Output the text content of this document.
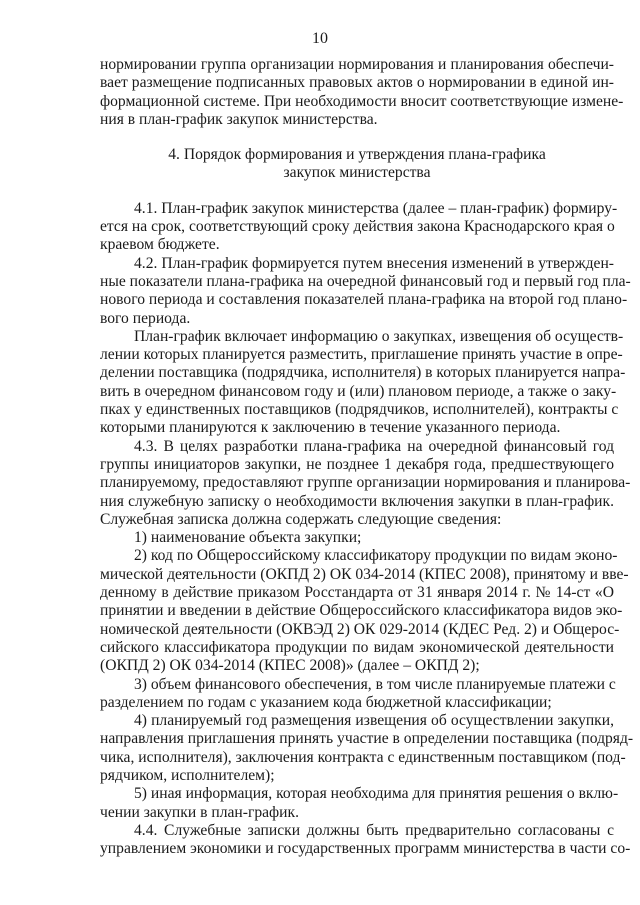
10
нормировании группа организации нормирования и планирования обеспечи-
вает размещение подписанных правовых актов о нормировании в единой ин-
формационной системе. При необходимости вносит соответствующие измене-
ния в план-график закупок министерства.
4. Порядок формирования и утверждения плана-графика
закупок министерства
4.1. План-график закупок министерства (далее – план-график) формиру-
ется на срок, соответствующий сроку действия закона Краснодарского края о
краевом бюджете.
4.2. План-график формируется путем внесения изменений в утвержден-
ные показатели плана-графика на очередной финансовый год и первый год пла-
нового периода и составления показателей плана-графика на второй год плано-
вого периода.
План-график включает информацию о закупках, извещения об осуществ-
лении которых планируется разместить, приглашение принять участие в опре-
делении поставщика (подрядчика, исполнителя) в которых планируется напра-
вить в очередном финансовом году и (или) плановом периоде, а также о заку-
пках у единственных поставщиков (подрядчиков, исполнителей), контракты с
которыми планируются к заключению в течение указанного периода.
4.3. В целях разработки плана-графика на очередной финансовый год
группы инициаторов закупки, не позднее 1 декабря года, предшествующего
планируемому, предоставляют группе организации нормирования и планирова-
ния служебную записку о необходимости включения закупки в план-график.
Служебная записка должна содержать следующие сведения:
1) наименование объекта закупки;
2) код по Общероссийскому классификатору продукции по видам эконо-
мической деятельности (ОКПД 2) ОК 034-2014 (КПЕС 2008), принятому и вве-
денному в действие приказом Росстандарта от 31 января 2014 г. № 14-ст «О
принятии и введении в действие Общероссийского классификатора видов эко-
номической деятельности (ОКВЭД 2) ОК 029-2014 (КДЕС Ред. 2) и Общерос-
сийского классификатора продукции по видам экономической деятельности
(ОКПД 2) ОК 034-2014 (КПЕС 2008)» (далее – ОКПД 2);
3) объем финансового обеспечения, в том числе планируемые платежи с
разделением по годам с указанием кода бюджетной классификации;
4) планируемый год размещения извещения об осуществлении закупки,
направления приглашения принять участие в определении поставщика (подряд-
чика, исполнителя), заключения контракта с единственным поставщиком (под-
рядчиком, исполнителем);
5) иная информация, которая необходима для принятия решения о вклю-
чении закупки в план-график.
4.4. Служебные записки должны быть предварительно согласованы с
управлением экономики и государственных программ министерства в части со-
